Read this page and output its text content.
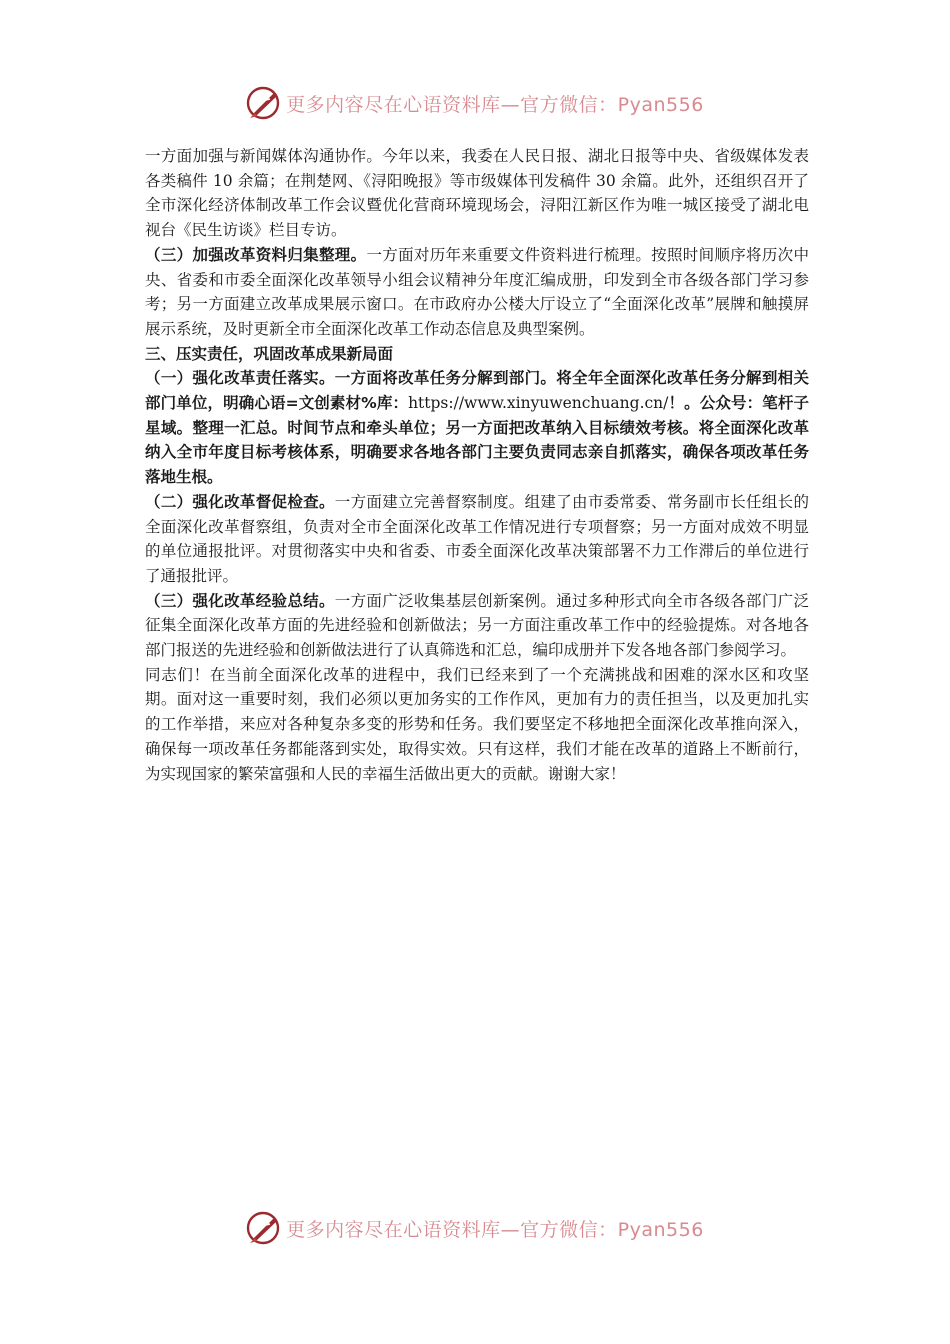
更多内容尽在心语资料库—官方微信：Pyan556

一方面加强与新闻媒体沟通协作。今年以来，我委在人民日报、湖北日报等中央、省级媒体发表各类稿件 10 余篇；在荆楚网、《浔阳晚报》等市级媒体刊发稿件 30 余篇。此外，还组织召开了全市深化经济体制改革工作会议暨优化营商环境现场会，浔阳江新区作为唯一城区接受了湖北电视台《民生访谈》栏目专访。

（三）加强改革资料归集整理。一方面对历年来重要文件资料进行梳理。按照时间顺序将历次中央、省委和市委全面深化改革领导小组会议精神分年度汇编成册，印发到全市各级各部门学习参考；另一方面建立改革成果展示窗口。在市政府办公楼大厅设立了“全面深化改革”展牌和触摸屏展示系统，及时更新全市全面深化改革工作动态信息及典型案例。

三、压实责任，巩固改革成果新局面

（一）强化改革责任落实。一方面将改革任务分解到部门。将全年全面深化改革任务分解到相关部门单位，明确心语=文创素材%库：https://www.xinyuwenchuang.cn/！。公众号：笔杆子星域。整理一汇总。时间节点和牵头单位；另一方面把改革纳入目标绩效考核。将全面深化改革纳入全市年度目标考核体系，明确要求各地各部门主要负责同志亲自抓落实，确保各项改革任务落地生根。

（二）强化改革督促检查。一方面建立完善督察制度。组建了由市委常委、常务副市长任组长的全面深化改革督察组，负责对全市全面深化改革工作情况进行专项督察；另一方面对成效不明显的单位通报批评。对贯彻落实中央和省委、市委全面深化改革决策部署不力工作滞后的单位进行了通报批评。

（三）强化改革经验总结。一方面广泛收集基层创新案例。通过多种形式向全市各级各部门广泛征集全面深化改革方面的先进经验和创新做法；另一方面注重改革工作中的经验提炼。对各地各部门报送的先进经验和创新做法进行了认真筛选和汇总，编印成册并下发各地各部门参阅学习。

同志们！在当前全面深化改革的进程中，我们已经来到了一个充满挑战和困难的深水区和攻坚期。面对这一重要时刻，我们必须以更加务实的工作作风，更加有力的责任担当，以及更加扎实的工作举措，来应对各种复杂多变的形势和任务。我们要坚定不移地把全面深化改革推向深入，确保每一项改革任务都能落到实处，取得实效。只有这样，我们才能在改革的道路上不断前行，为实现国家的繁荣富强和人民的幸福生活做出更大的贡献。谢谢大家！

更多内容尽在心语资料库—官方微信：Pyan556
